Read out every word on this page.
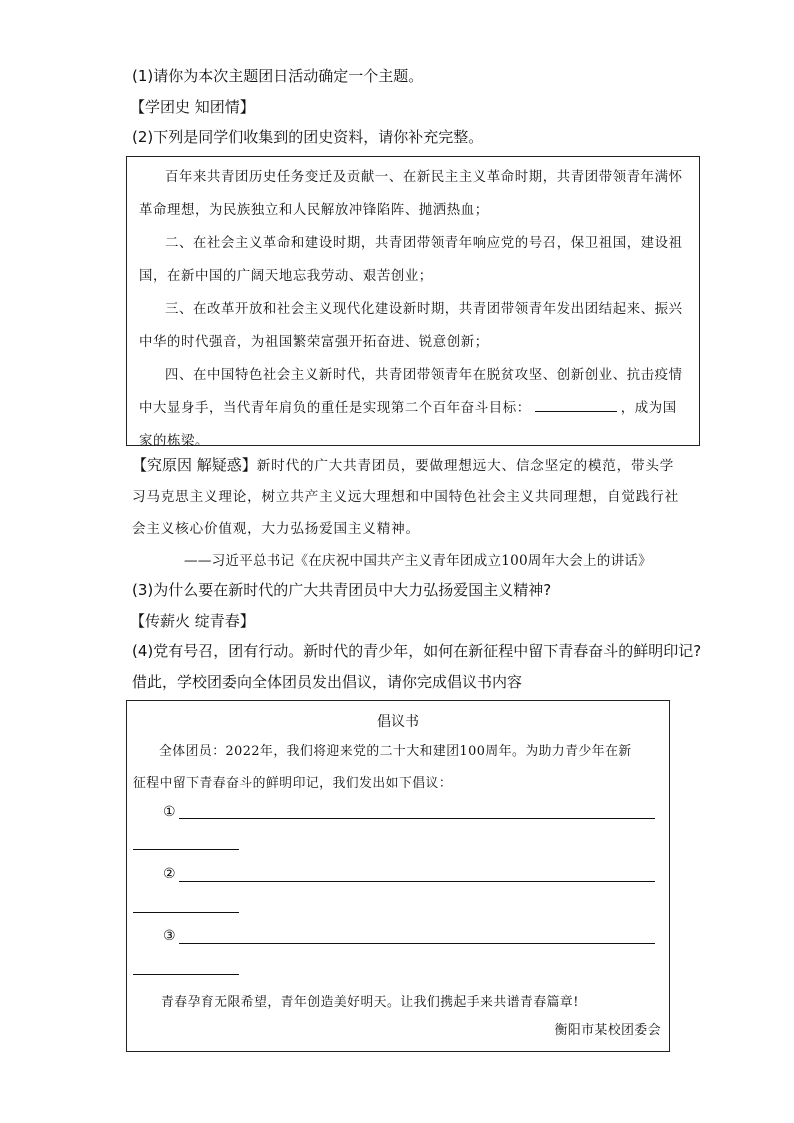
(1)请你为本次主题团日活动确定一个主题。
【学团史 知团情】
(2)下列是同学们收集到的团史资料，请你补充完整。
百年来共青团历史任务变迁及贡献一、在新民主主义革命时期，共青团带领青年满怀革命理想，为民族独立和人民解放冲锋陷阵、抛洒热血；
二、在社会主义革命和建设时期，共青团带领青年响应党的号召，保卫祖国，建设祖国，在新中国的广阔天地忘我劳动、艰苦创业；
三、在改革开放和社会主义现代化建设新时期，共青团带领青年发出团结起来、振兴中华的时代强音，为祖国繁荣富强开拓奋进、锐意创新；
四、在中国特色社会主义新时代，共青团带领青年在脱贫攻坚、创新创业、抗击疫情中大显身手，当代青年肩负的重任是实现第二个百年奋斗目标：	，成为国家的栋梁。
【究原因 解疑惑】新时代的广大共青团员，要做理想远大、信念坚定的模范，带头学
习马克思主义理论，树立共产主义远大理想和中国特色社会主义共同理想，自觉践行社
会主义核心价值观，大力弘扬爱国主义精神。
——习近平总书记《在庆祝中国共产主义青年团成立100周年大会上的讲话》
(3)为什么要在新时代的广大共青团员中大力弘扬爱国主义精神?
【传薪火 绽青春】
(4)党有号召，团有行动。新时代的青少年，如何在新征程中留下青春奋斗的鲜明印记?
借此，学校团委向全体团员发出倡议，请你完成倡议书内容
倡议书
全体团员：2022年，我们将迎来党的二十大和建团100周年。为助力青少年在新
征程中留下青春奋斗的鲜明印记，我们发出如下倡议：
①
②
③
青春孕育无限希望，青年创造美好明天。让我们携起手来共谱青春篇章!
衡阳市某校团委会
